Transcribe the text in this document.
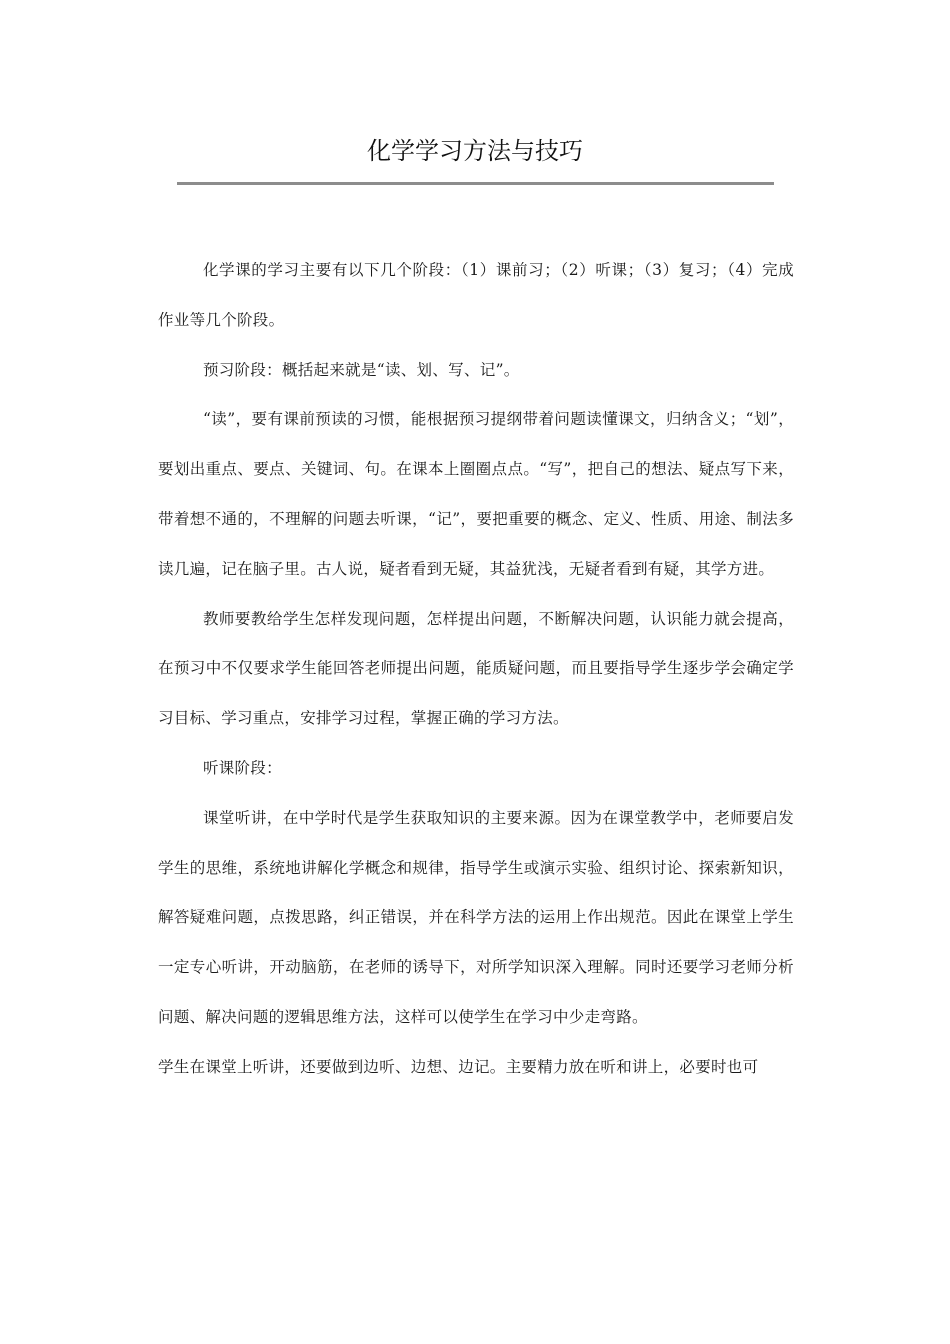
化学学习方法与技巧

化学课的学习主要有以下几个阶段：（1）课前习；（2）听课；（3）复习；（4）完成作业等几个阶段。

预习阶段：概括起来就是“读、划、写、记”。

“读”，要有课前预读的习惯，能根据预习提纲带着问题读懂课文，归纳含义；“划”，要划出重点、要点、关键词、句。在课本上圈圈点点。“写”，把自己的想法、疑点写下来，带着想不通的，不理解的问题去听课，“记”，要把重要的概念、定义、性质、用途、制法多读几遍，记在脑子里。古人说，疑者看到无疑，其益犹浅，无疑者看到有疑，其学方进。

教师要教给学生怎样发现问题，怎样提出问题，不断解决问题，认识能力就会提高，在预习中不仅要求学生能回答老师提出问题，能质疑问题，而且要指导学生逐步学会确定学习目标、学习重点，安排学习过程，掌握正确的学习方法。

听课阶段：

课堂听讲，在中学时代是学生获取知识的主要来源。因为在课堂教学中，老师要启发学生的思维，系统地讲解化学概念和规律，指导学生或演示实验、组织讨论、探索新知识，解答疑难问题，点拨思路，纠正错误，并在科学方法的运用上作出规范。因此在课堂上学生一定专心听讲，开动脑筋，在老师的诱导下，对所学知识深入理解。同时还要学习老师分析问题、解决问题的逻辑思维方法，这样可以使学生在学习中少走弯路。

学生在课堂上听讲，还要做到边听、边想、边记。主要精力放在听和讲上，必要时也可
